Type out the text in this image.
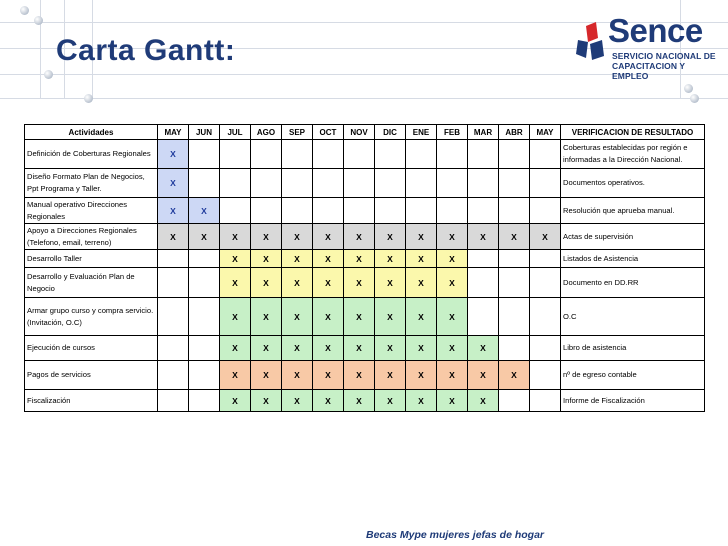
Carta Gantt:
Sence
SERVICIO NACIONAL DE
CAPACITACION Y EMPLEO
Actividades	MAY	JUN	JUL	AGO	SEP	OCT	NOV	DIC	ENE	FEB	MAR	ABR	MAY	VERIFICACION DE RESULTADO
Definición de Coberturas Regionales	X													Coberturas establecidas por región e informadas a la Dirección Nacional.
Diseño Formato Plan de Negocios, Ppt Programa y Taller.	X													Documentos operativos.
Manual operativo Direcciones Regionales	X	X												Resolución que aprueba manual.
Apoyo a Direcciones Regionales (Telefono, email, terreno)	X	X	X	X	X	X	X	X	X	X	X	X	X	Actas de supervisión
Desarrollo Taller			X	X	X	X	X	X	X	X				Listados de Asistencia
Desarrollo y Evaluación Plan de Negocio			X	X	X	X	X	X	X	X				Documento en DD.RR
Armar grupo curso y compra servicio.(Invitación, O.C)			X	X	X	X	X	X	X	X				O.C
Ejecución de cursos			X	X	X	X	X	X	X	X	X			Libro de asistencia
Pagos de servicios			X	X	X	X	X	X	X	X	X	X		nº de egreso contable
Fiscalización			X	X	X	X	X	X	X	X	X			Informe de Fiscalización
Becas Mype mujeres jefas de hogar
